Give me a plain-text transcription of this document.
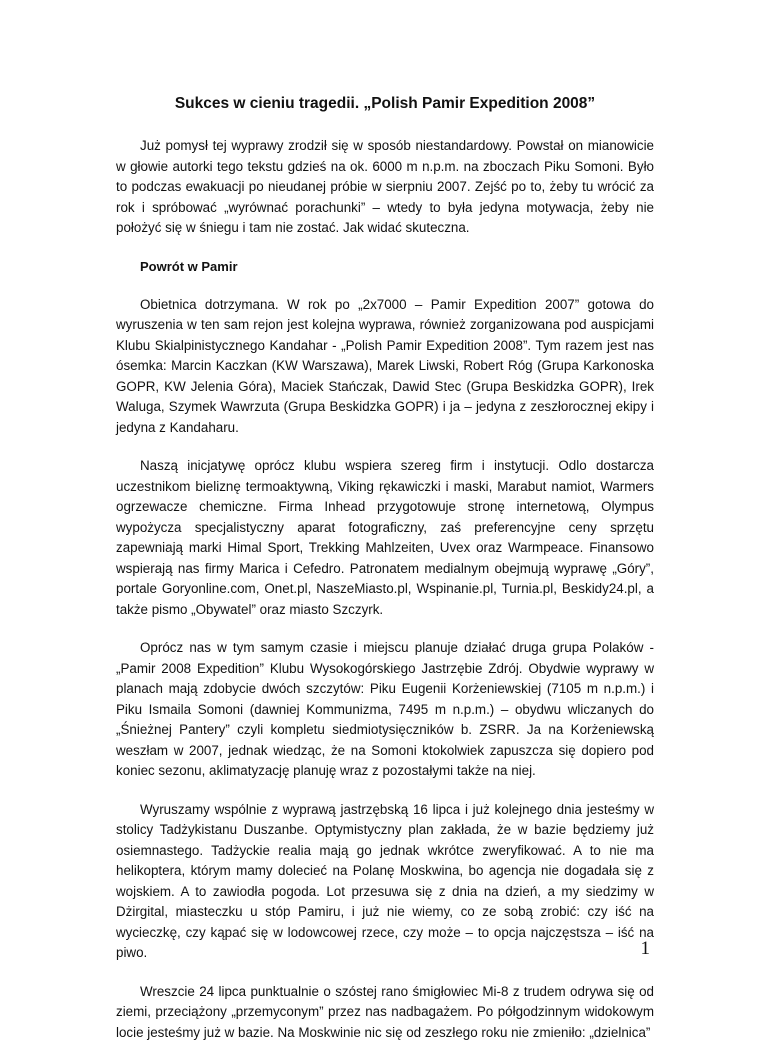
Sukces w cieniu tragedii. „Polish Pamir Expedition 2008”

Już pomysł tej wyprawy zrodził się w sposób niestandardowy. Powstał on mianowicie w głowie autorki tego tekstu gdzieś na ok. 6000 m n.p.m. na zboczach Piku Somoni. Było to podczas ewakuacji po nieudanej próbie w sierpniu 2007. Zejść po to, żeby tu wrócić za rok i spróbować „wyrównać porachunki” – wtedy to była jedyna motywacja, żeby nie położyć się w śniegu i tam nie zostać. Jak widać skuteczna.

Powrót w Pamir

Obietnica dotrzymana. W rok po „2x7000 – Pamir Expedition 2007” gotowa do wyruszenia w ten sam rejon jest kolejna wyprawa, również zorganizowana pod auspicjami Klubu Skialpinistycznego Kandahar - „Polish Pamir Expedition 2008”. Tym razem jest nas ósemka: Marcin Kaczkan (KW Warszawa), Marek Liwski, Robert Róg (Grupa Karkonoska GOPR, KW Jelenia Góra), Maciek Stańczak, Dawid Stec (Grupa Beskidzka GOPR), Irek Waluga, Szymek Wawrzuta (Grupa Beskidzka GOPR) i ja – jedyna z zeszłorocznej ekipy i jedyna z Kandaharu.

Naszą inicjatywę oprócz klubu wspiera szereg firm i instytucji. Odlo dostarcza uczestnikom bieliznę termoaktywną, Viking rękawiczki i maski, Marabut namiot, Warmers ogrzewacze chemiczne. Firma Inhead przygotowuje stronę internetową, Olympus wypożycza specjalistyczny aparat fotograficzny, zaś preferencyjne ceny sprzętu zapewniają marki Himal Sport, Trekking Mahlzeiten, Uvex oraz Warmpeace. Finansowo wspierają nas firmy Marica i Cefedro. Patronatem medialnym obejmują wyprawę „Góry”, portale Goryonline.com, Onet.pl, NaszeMiasto.pl, Wspinanie.pl, Turnia.pl, Beskidy24.pl, a także pismo „Obywatel” oraz miasto Szczyrk.

Oprócz nas w tym samym czasie i miejscu planuje działać druga grupa Polaków - „Pamir 2008 Expedition” Klubu Wysokogórskiego Jastrzębie Zdrój. Obydwie wyprawy w planach mają zdobycie dwóch szczytów: Piku Eugenii Korżeniewskiej (7105 m n.p.m.) i Piku Ismaila Somoni (dawniej Kommunizma, 7495 m n.p.m.) – obydwu wliczanych do „Śnieżnej Pantery” czyli kompletu siedmiotysięczników b. ZSRR. Ja na Korżeniewską weszłam w 2007, jednak wiedząc, że na Somoni ktokolwiek zapuszcza się dopiero pod koniec sezonu, aklimatyzację planuję wraz z pozostałymi także na niej.

Wyruszamy wspólnie z wyprawą jastrzębską 16 lipca i już kolejnego dnia jesteśmy w stolicy Tadżykistanu Duszanbe. Optymistyczny plan zakłada, że w bazie będziemy już osiemnastego. Tadżyckie realia mają go jednak wkrótce zweryfikować. A to nie ma helikoptera, którym mamy dolecieć na Polanę Moskwina, bo agencja nie dogadała się z wojskiem. A to zawiodła pogoda. Lot przesuwa się z dnia na dzień, a my siedzimy w Dżirgital, miasteczku u stóp Pamiru, i już nie wiemy, co ze sobą zrobić: czy iść na wycieczkę, czy kąpać się w lodowcowej rzece, czy może – to opcja najczęstsza – iść na piwo.

Wreszcie 24 lipca punktualnie o szóstej rano śmigłowiec Mi-8 z trudem odrywa się od ziemi, przeciążony „przemyconym” przez nas nadbagażem. Po półgodzinnym widokowym locie jesteśmy już w bazie. Na Moskwinie nic się od zeszłego roku nie zmieniło: „dzielnica”

1
